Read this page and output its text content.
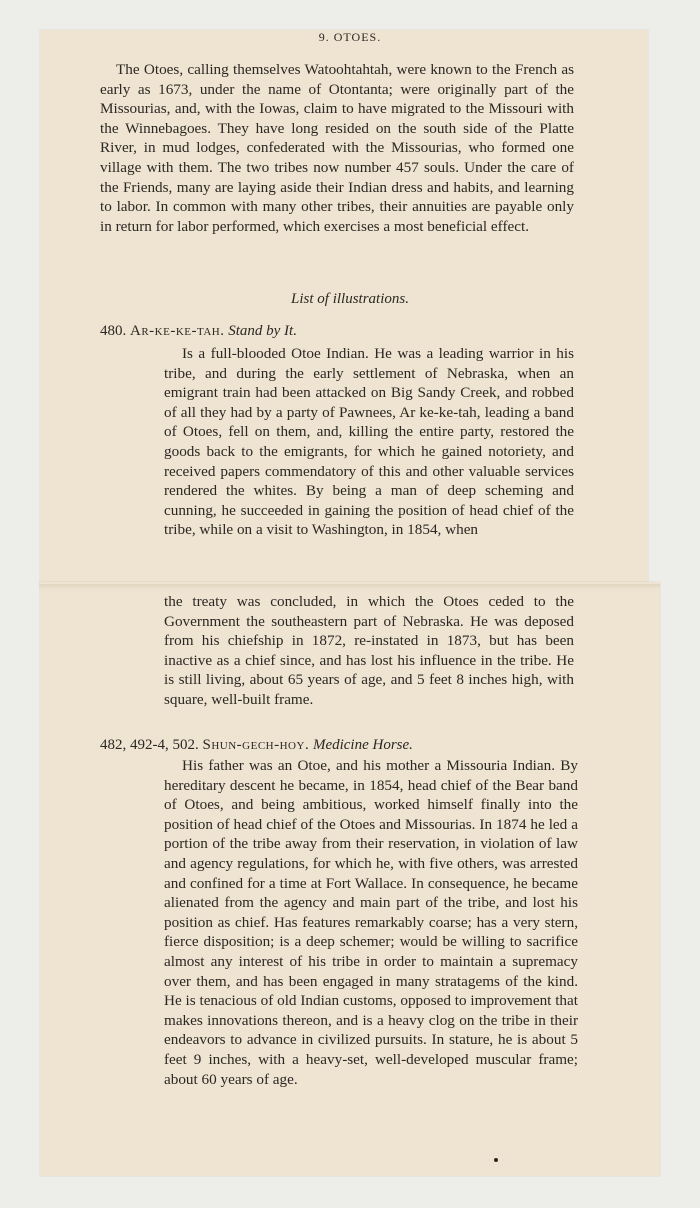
9. OTOES.
The Otoes, calling themselves Watoohtahtah, were known to the French as early as 1673, under the name of Otontanta; were originally part of the Missourias, and, with the Iowas, claim to have migrated to the Missouri with the Winnebagoes. They have long resided on the south side of the Platte River, in mud lodges, confederated with the Missourias, who formed one village with them. The two tribes now number 457 souls. Under the care of the Friends, many are laying aside their Indian dress and habits, and learning to labor. In common with many other tribes, their annuities are payable only in return for labor performed, which exercises a most beneficial effect.
List of illustrations.
480. Ar-ke-ke-tah. Stand by It.
Is a full-blooded Otoe Indian. He was a leading warrior in his tribe, and during the early settlement of Nebraska, when an emigrant train had been attacked on Big Sandy Creek, and robbed of all they had by a party of Pawnees, Ar ke-ke-tah, leading a band of Otoes, fell on them, and, killing the entire party, restored the goods back to the emigrants, for which he gained notoriety, and received papers commendatory of this and other valuable services rendered the whites. By being a man of deep scheming and cunning, he succeeded in gaining the position of head chief of the tribe, while on a visit to Washington, in 1854, when
the treaty was concluded, in which the Otoes ceded to the Government the southeastern part of Nebraska. He was deposed from his chiefship in 1872, re-instated in 1873, but has been inactive as a chief since, and has lost his influence in the tribe. He is still living, about 65 years of age, and 5 feet 8 inches high, with square, well-built frame.
482, 492-4, 502. Shun-gech-hoy. Medicine Horse.
His father was an Otoe, and his mother a Missouria Indian. By hereditary descent he became, in 1854, head chief of the Bear band of Otoes, and being ambitious, worked himself finally into the position of head chief of the Otoes and Missourias. In 1874 he led a portion of the tribe away from their reservation, in violation of law and agency regulations, for which he, with five others, was arrested and confined for a time at Fort Wallace. In consequence, he became alienated from the agency and main part of the tribe, and lost his position as chief. Has features remarkably coarse; has a very stern, fierce disposition; is a deep schemer; would be willing to sacrifice almost any interest of his tribe in order to maintain a supremacy over them, and has been engaged in many stratagems of the kind. He is tenacious of old Indian customs, opposed to improvement that makes innovations thereon, and is a heavy clog on the tribe in their endeavors to advance in civilized pursuits. In stature, he is about 5 feet 9 inches, with a heavy-set, well-developed muscular frame; about 60 years of age.
